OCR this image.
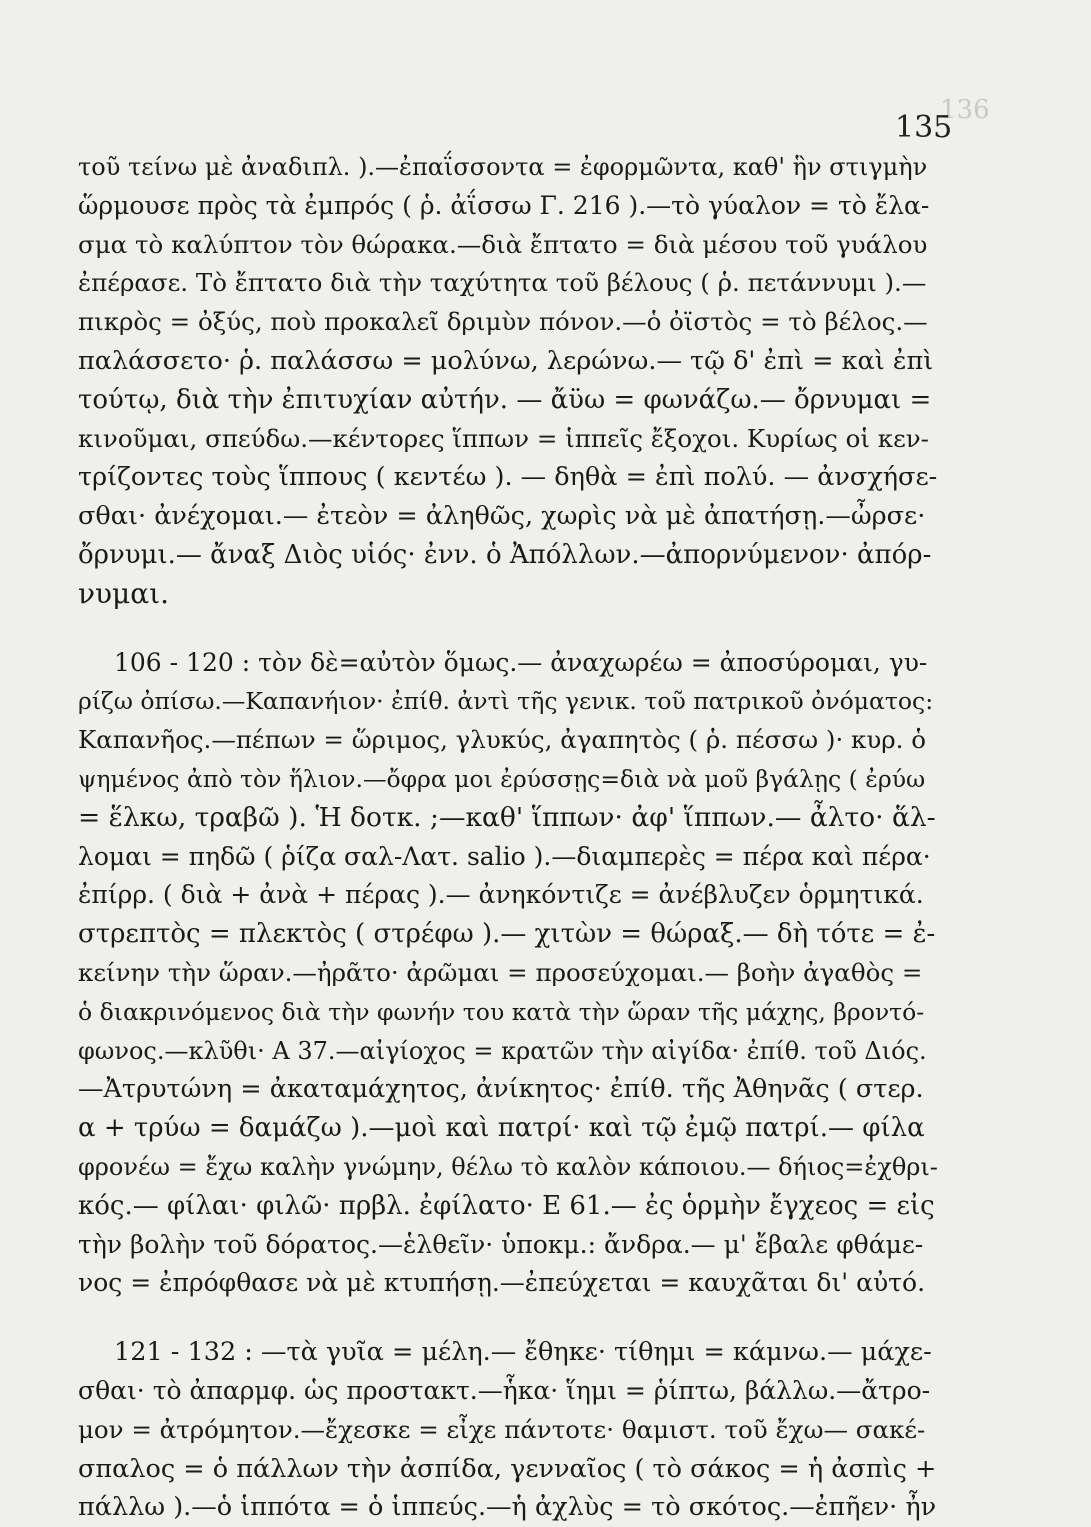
136
135
τοῦ τείνω μὲ ἀναδιπλ. ).—ἐπαΐσσοντα = ἐφορμῶντα, καθ' ἣν στιγμὴν
ὥρμουσε πρὸς τὰ ἐμπρός ( ῥ. ἀΐσσω Γ. 216 ).—τὸ γύαλον = τὸ ἔλα-
σμα τὸ καλύπτον τὸν θώρακα.—διὰ ἔπτατο = διὰ μέσου τοῦ γυάλου
ἐπέρασε. Τὸ ἔπτατο διὰ τὴν ταχύτητα τοῦ βέλους ( ῥ. πετάννυμι ).—
πικρὸς = ὀξύς, ποὺ προκαλεῖ δριμὺν πόνον.—ὁ ὀϊστὸς = τὸ βέλος.—
παλάσσετο· ῥ. παλάσσω = μολύνω, λερώνω.— τῷ δ' ἐπὶ = καὶ ἐπὶ
τούτῳ, διὰ τὴν ἐπιτυχίαν αὐτήν. — ἄϋω = φωνάζω.— ὄρνυμαι =
κινοῦμαι, σπεύδω.—κέντορες ἵππων = ἱππεῖς ἔξοχοι. Κυρίως οἱ κεν-
τρίζοντες τοὺς ἵππους ( κεντέω ). — δηθὰ = ἐπὶ πολύ. — ἀνσχήσε-
σθαι· ἀνέχομαι.— ἐτεὸν = ἀληθῶς, χωρὶς νὰ μὲ ἀπατήσῃ.—ὦρσε·
ὄρνυμι.— ἄναξ Διὸς υἱός· ἐνν. ὁ Ἀπόλλων.—ἀπορνύμενον· ἀπόρ-
νυμαι.
106 - 120 : τὸν δὲ=αὐτὸν ὅμως.— ἀναχωρέω = ἀποσύρομαι, γυ-
ρίζω ὀπίσω.—Καπανήιον· ἐπίθ. ἀντὶ τῆς γενικ. τοῦ πατρικοῦ ὀνόματος:
Καπανῆος.—πέπων = ὥριμος, γλυκύς, ἀγαπητὸς ( ῥ. πέσσω )· κυρ. ὁ
ψημένος ἀπὸ τὸν ἥλιον.—ὄφρα μοι ἐρύσσῃς=διὰ νὰ μοῦ βγάλῃς ( ἐρύω
= ἕλκω, τραβῶ ). Ἡ δοτκ. ;—καθ' ἵππων· ἀφ' ἵππων.— ἆλτο· ἅλ-
λομαι = πηδῶ ( ῥίζα σαλ-Λατ. salio ).—διαμπερὲς = πέρα καὶ πέρα·
ἐπίρρ. ( διὰ + ἀνὰ + πέρας ).— ἀνηκόντιζε = ἀνέβλυζεν ὁρμητικά.
στρεπτὸς = πλεκτὸς ( στρέφω ).— χιτὼν = θώραξ.— δὴ τότε = ἐ-
κείνην τὴν ὥραν.—ἠρᾶτο· ἀρῶμαι = προσεύχομαι.— βοὴν ἀγαθὸς =
ὁ διακρινόμενος διὰ τὴν φωνήν του κατὰ τὴν ὥραν τῆς μάχης, βροντό-
φωνος.—κλῦθι· Α 37.—αἰγίοχος = κρατῶν τὴν αἰγίδα· ἐπίθ. τοῦ Διός.
—Ἀτρυτώνη = ἀκαταμάχητος, ἀνίκητος· ἐπίθ. τῆς Ἀθηνᾶς ( στερ.
α + τρύω = δαμάζω ).—μοὶ καὶ πατρί· καὶ τῷ ἐμῷ πατρί.— φίλα
φρονέω = ἔχω καλὴν γνώμην, θέλω τὸ καλὸν κάποιου.— δήιος=ἐχθρι-
κός.— φίλαι· φιλῶ· πρβλ. ἐφίλατο· Ε 61.— ἐς ὁρμὴν ἔγχεος = εἰς
τὴν βολὴν τοῦ δόρατος.—ἑλθεῖν· ὑποκμ.: ἄνδρα.— μ' ἔβαλε φθάμε-
νος = ἐπρόφθασε νὰ μὲ κτυπήσῃ.—ἐπεύχεται = καυχᾶται δι' αὐτό.
121 - 132 : —τὰ γυῖα = μέλη.— ἔθηκε· τίθημι = κάμνω.— μάχε-
σθαι· τὸ ἀπαρμφ. ὡς προστακτ.—ἧκα· ἵημι = ῥίπτω, βάλλω.—ἄτρο-
μον = ἀτρόμητον.—ἔχεσκε = εἶχε πάντοτε· θαμιστ. τοῦ ἔχω— σακέ-
σπαλος = ὁ πάλλων τὴν ἀσπίδα, γενναῖος ( τὸ σάκος = ἡ ἀσπὶς +
πάλλω ).—ὁ ἱππότα = ὁ ἱππεύς.—ἡ ἀχλὺς = τὸ σκότος.—ἐπῆεν· ἦν
